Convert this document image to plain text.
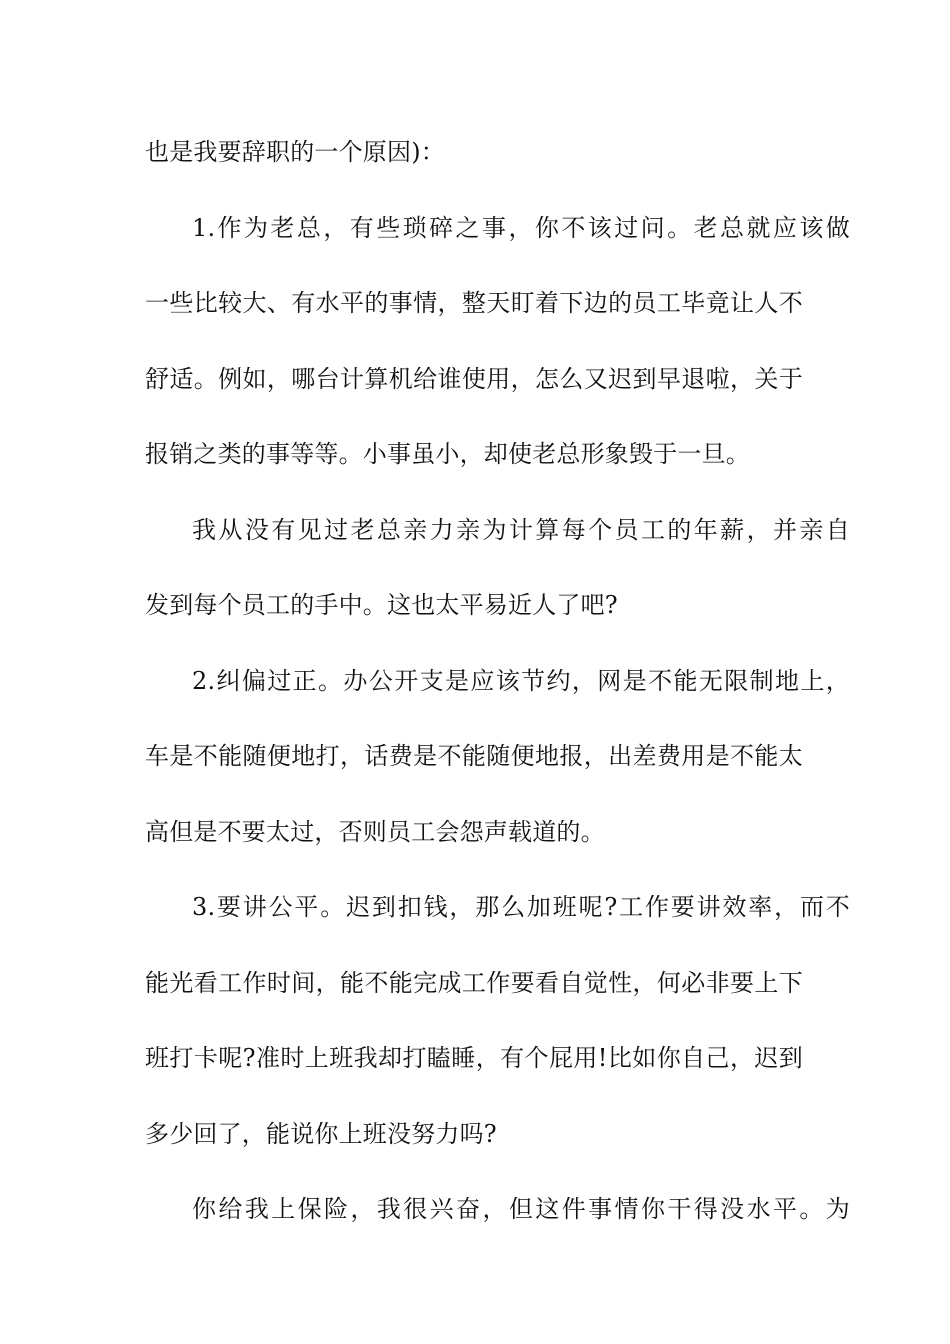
也是我要辞职的一个原因)：
1.作为老总，有些琐碎之事，你不该过问。老总就应该做
一些比较大、有水平的事情，整天盯着下边的员工毕竟让人不
舒适。例如，哪台计算机给谁使用，怎么又迟到早退啦，关于
报销之类的事等等。小事虽小，却使老总形象毁于一旦。
我从没有见过老总亲力亲为计算每个员工的年薪，并亲自
发到每个员工的手中。这也太平易近人了吧?
2.纠偏过正。办公开支是应该节约，网是不能无限制地上，
车是不能随便地打，话费是不能随便地报，出差费用是不能太
高但是不要太过，否则员工会怨声载道的。
3.要讲公平。迟到扣钱，那么加班呢?工作要讲效率，而不
能光看工作时间，能不能完成工作要看自觉性，何必非要上下
班打卡呢?准时上班我却打瞌睡，有个屁用!比如你自己，迟到
多少回了，能说你上班没努力吗?
你给我上保险，我很兴奋，但这件事情你干得没水平。为
